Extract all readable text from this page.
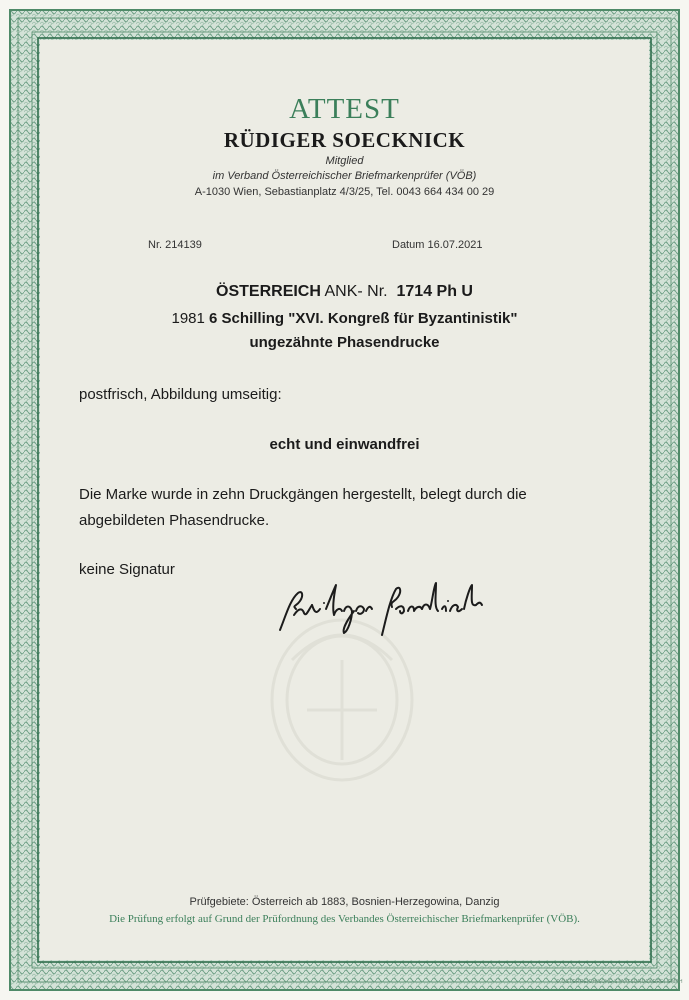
ATTEST
RÜDIGER SOECKNICK
Mitglied
im Verband Österreichischer Briefmarkenprüfer (VÖB)
A-1030 Wien, Sebastianplatz 4/3/25, Tel. 0043 664 434 00 29
Nr. 214139	Datum 16.07.2021
ÖSTERREICH ANK- Nr. 1714 Ph U
1981 6 Schilling "XVI. Kongreß für Byzantinistik"
ungezähnte Phasendrucke
postfrisch, Abbildung umseitig:
echt und einwandfrei
Die Marke wurde in zehn Druckgängen hergestellt, belegt durch die
abgebildeten Phasendrucke.
keine Signatur
Prüfgebiete: Österreich ab 1883, Bosnien-Herzegowina, Danzig
Die Prüfung erfolgt auf Grund der Prüfordnung des Verbandes Österreichischer Briefmarkenprüfer (VÖB).
© ÖSTERREICHISCHE STAATSDRUCKEREI GMBH
